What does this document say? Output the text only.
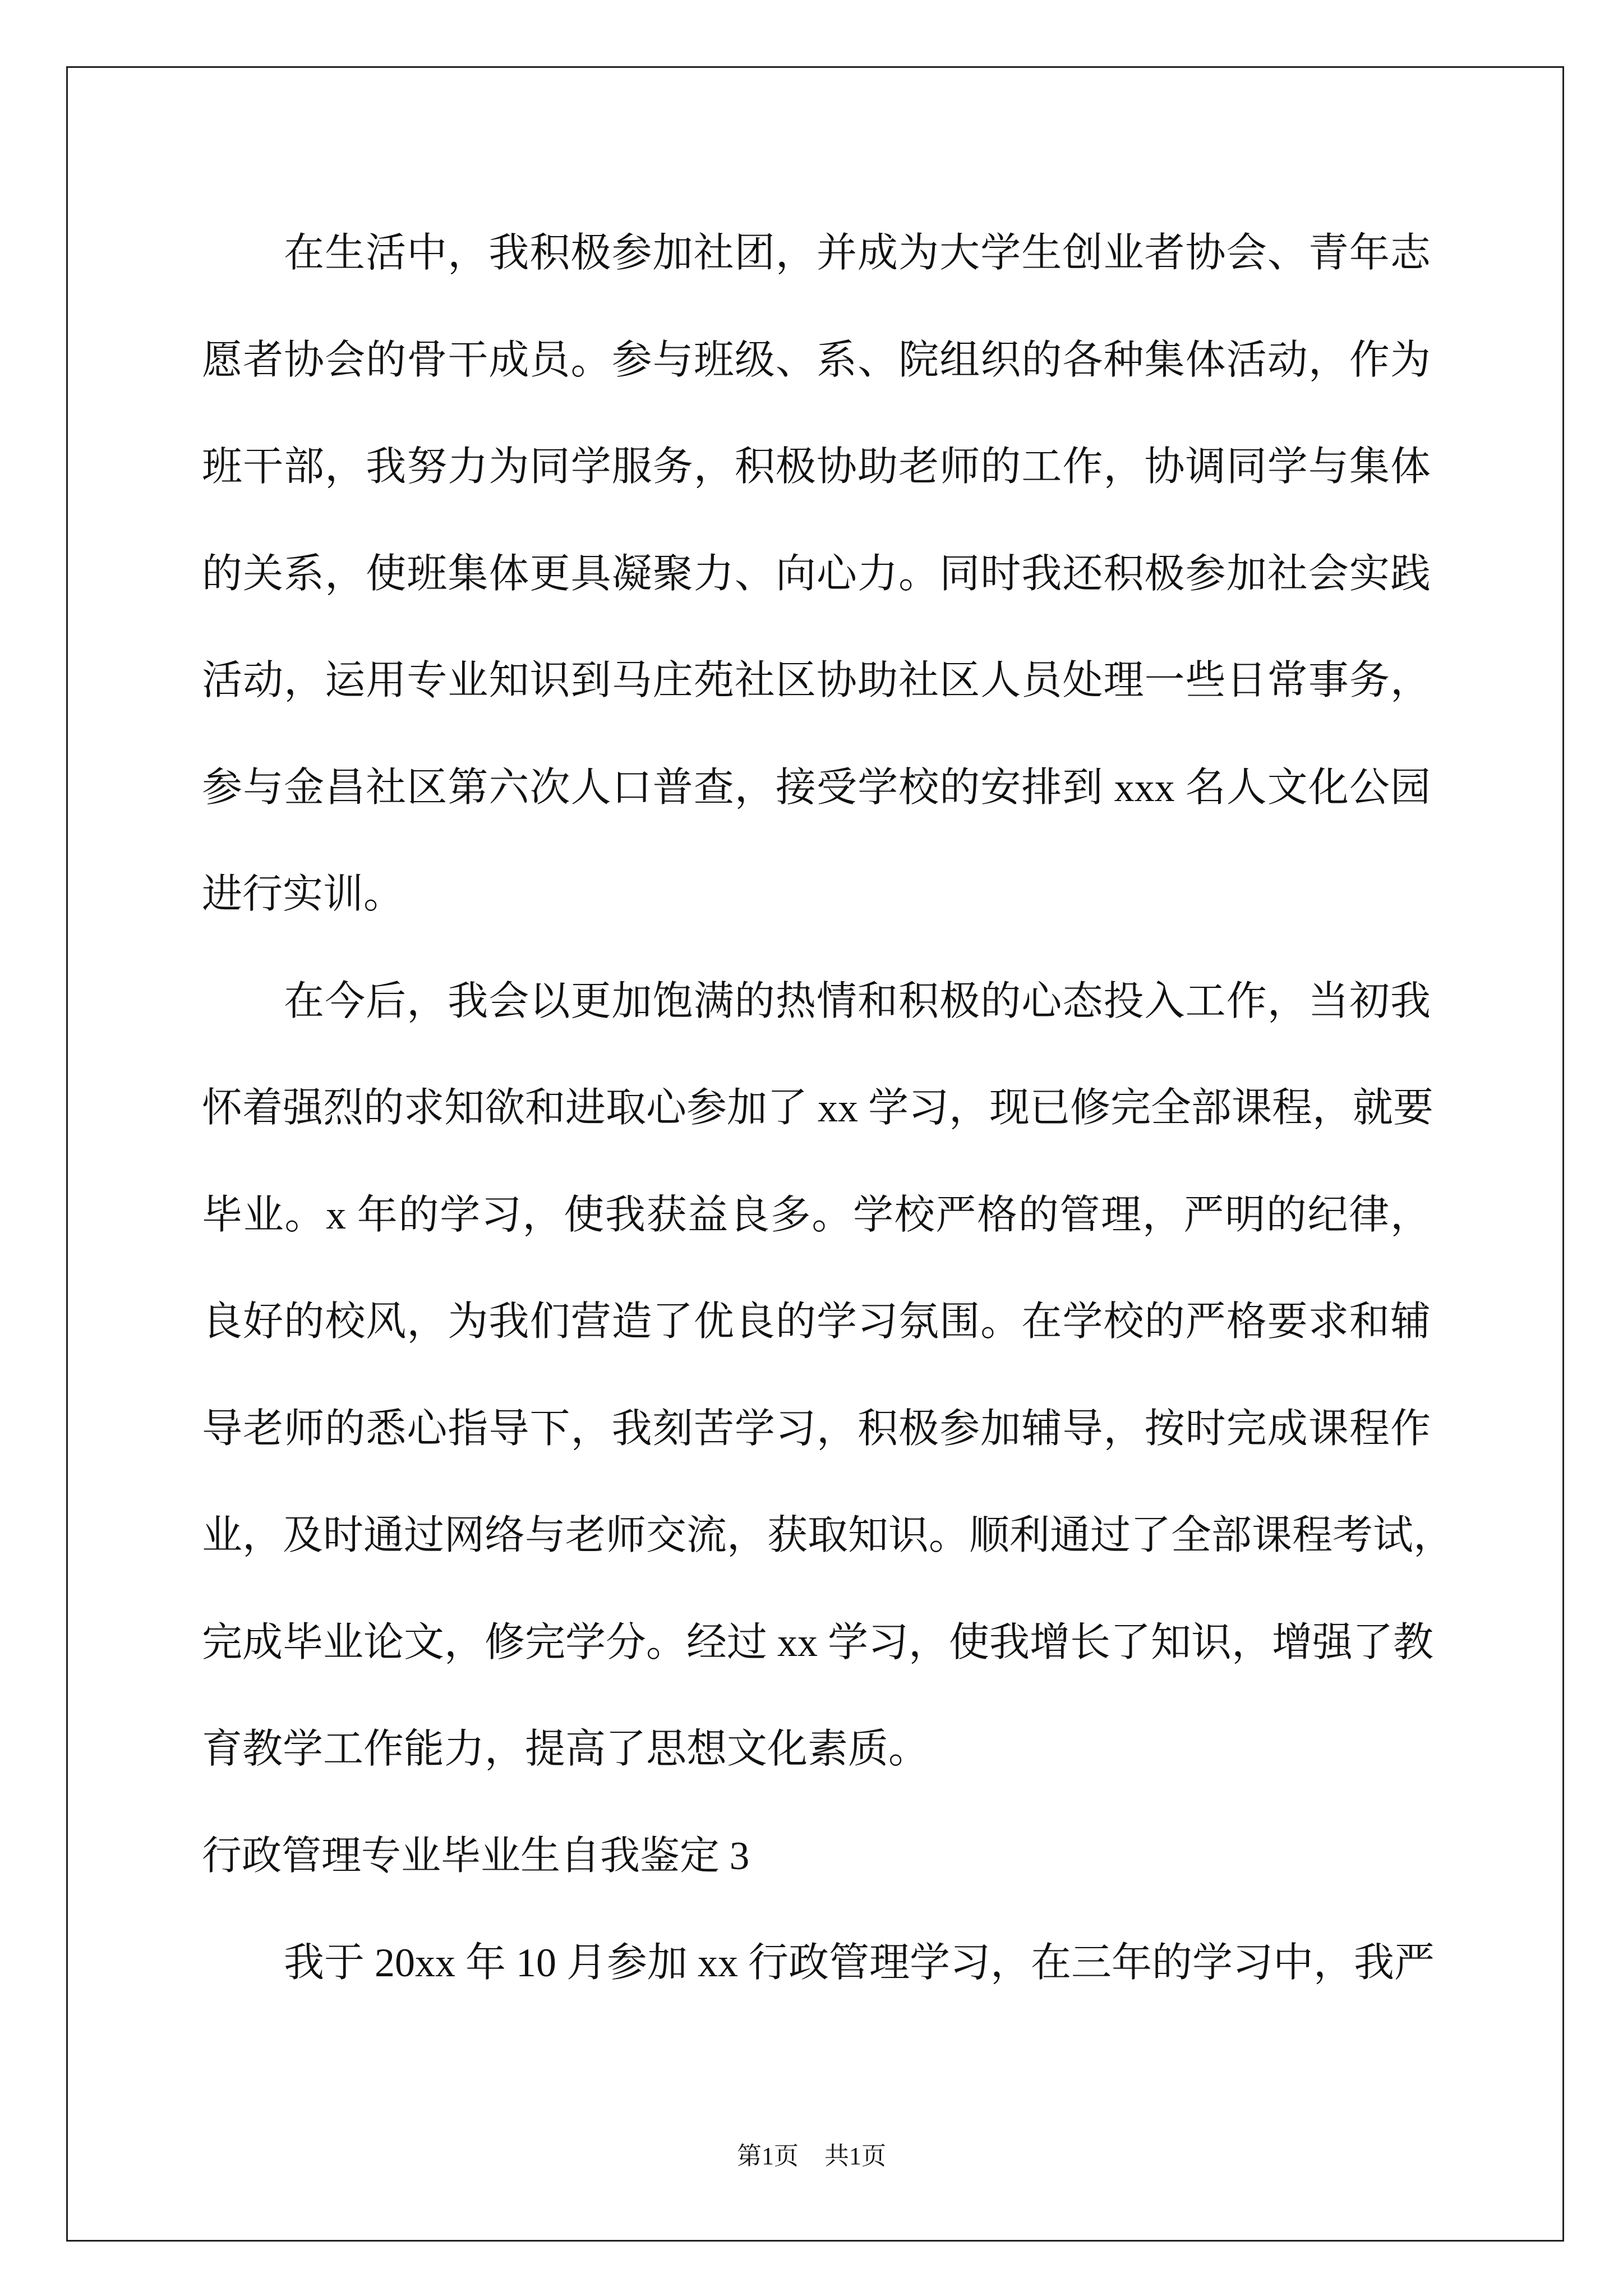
在生活中，我积极参加社团，并成为大学生创业者协会、青年志
愿者协会的骨干成员。参与班级、系、院组织的各种集体活动，作为
班干部，我努力为同学服务，积极协助老师的工作，协调同学与集体
的关系，使班集体更具凝聚力、向心力。同时我还积极参加社会实践
活动，运用专业知识到马庄苑社区协助社区人员处理一些日常事务，
参与金昌社区第六次人口普查，接受学校的安排到 xxx 名人文化公园
进行实训。
在今后，我会以更加饱满的热情和积极的心态投入工作，当初我
怀着强烈的求知欲和进取心参加了 xx 学习，现已修完全部课程，就要
毕业。x 年的学习，使我获益良多。学校严格的管理，严明的纪律，
良好的校风，为我们营造了优良的学习氛围。在学校的严格要求和辅
导老师的悉心指导下，我刻苦学习，积极参加辅导，按时完成课程作
业，及时通过网络与老师交流，获取知识。顺利通过了全部课程考试，
完成毕业论文，修完学分。经过 xx 学习，使我增长了知识，增强了教
育教学工作能力，提高了思想文化素质。
行政管理专业毕业生自我鉴定 3
我于 20xx 年 10 月参加 xx 行政管理学习，在三年的学习中，我严
第1页 共1页
